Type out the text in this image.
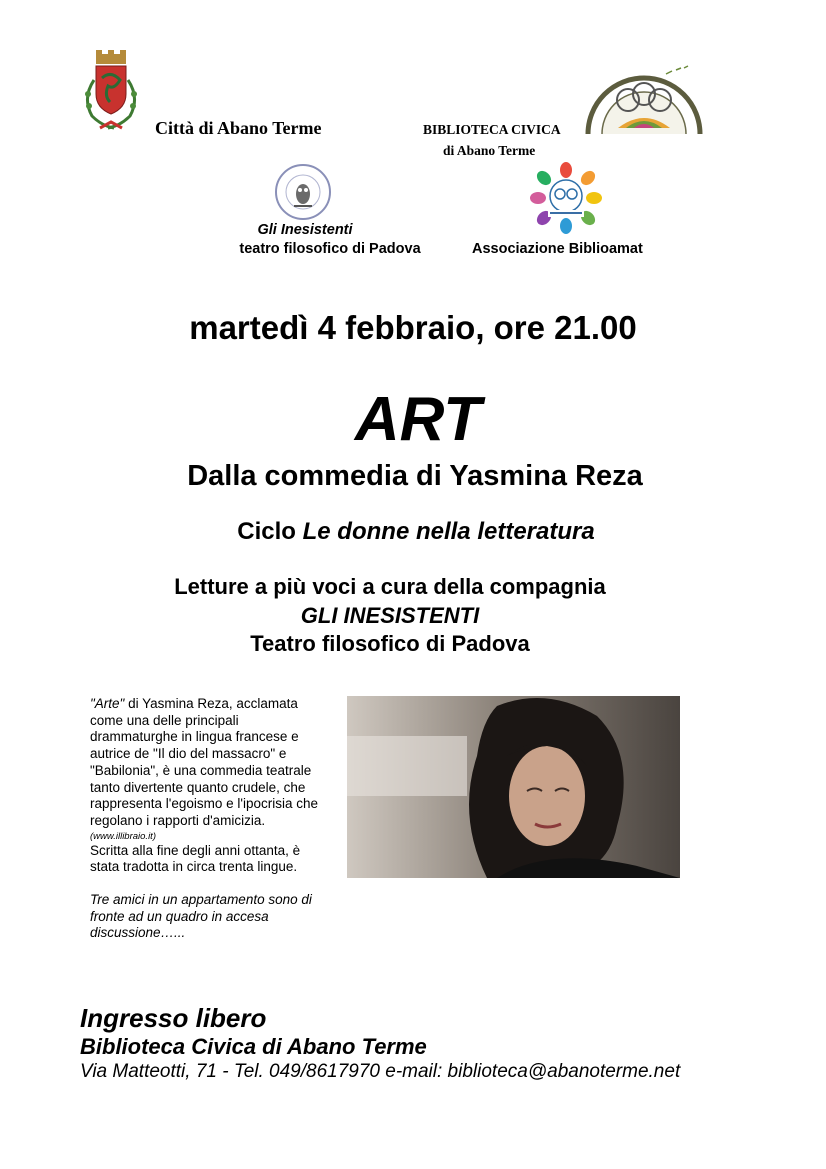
Città di Abano Terme	BIBLIOTECA CIVICA
di Abano Terme
Gli Inesistenti
teatro filosofico di Padova	Associazione Biblioamat
martedì 4 febbraio, ore 21.00
ART
Dalla commedia di Yasmina Reza
Ciclo Le donne nella letteratura
Letture a più voci a cura della compagnia
GLI INESISTENTI
Teatro filosofico di Padova
"Arte" di Yasmina Reza, acclamata come una delle principali drammaturghe in lingua francese e autrice de "Il dio del massacro" e "Babilonia", è una commedia teatrale tanto divertente quanto crudele, che rappresenta l'egoismo e l'ipocrisia che regolano i rapporti d'amicizia.
(www.illibraio.it)
Scritta alla fine degli anni ottanta, è stata tradotta in circa trenta lingue.
Tre amici in un appartamento sono di fronte ad un quadro in accesa discussione…...
Ingresso libero
Biblioteca Civica di Abano Terme
Via Matteotti, 71 - Tel. 049/8617970 e-mail: biblioteca@abanoterme.net
